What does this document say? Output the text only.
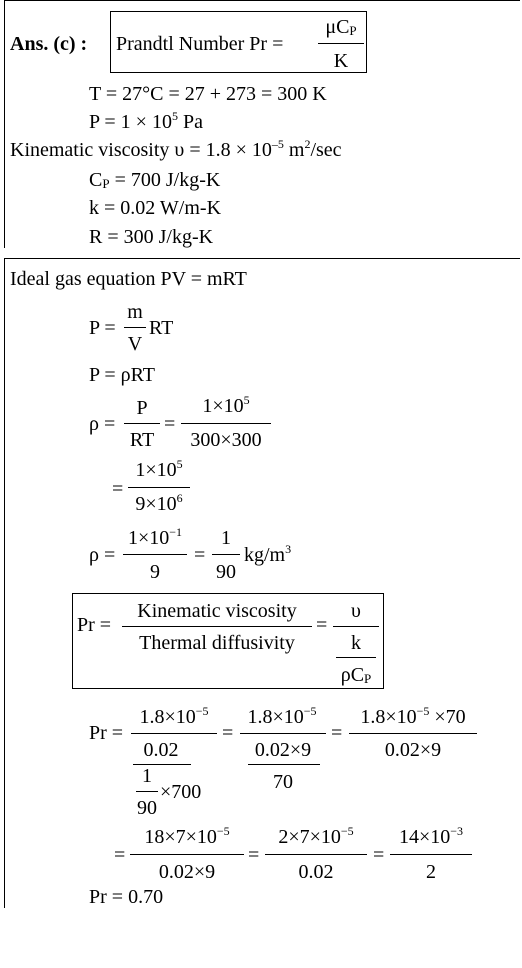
Ans. (c) : Prandtl Number Pr =
μCP
K
T = 27°C = 27 + 273 = 300 K
$P = 1 \times 10^5$ Pa
Kinematic viscosity $\upsilon = 1.8 \times 10^{-5}$ $m^2/\sec$
CP = 700 J/kg-K
k = 0.02 W/m-K
R = 300 J/kg-K
Ideal gas equation PV = mRT
P =
m
V
RT
P = ρRT
ρ =
P
RT
=
$1\times 10^5$
300×300
=
$1\times 10^5$
$9\times 10^6$
ρ =
$1\times 10^{-1}$
9
=
1
90
$kg/m^3$
Pr =
Kinematic viscosity
Thermal diffusivity
=
υ
k
ρCP
Pr =
$1.8\times 10^{-5}$
0.02
1
90
×700
=
$1.8\times 10^{-5}$
0.02×9
70
=
$1.8\times 10^{-5} \times 70$
0.02×9
=
$18\times 7\times 10^{-5}$
0.02×9
=
$2\times 7\times 10^{-5}$
0.02
=
$14\times 10^{-3}$
2
Pr = 0.70
